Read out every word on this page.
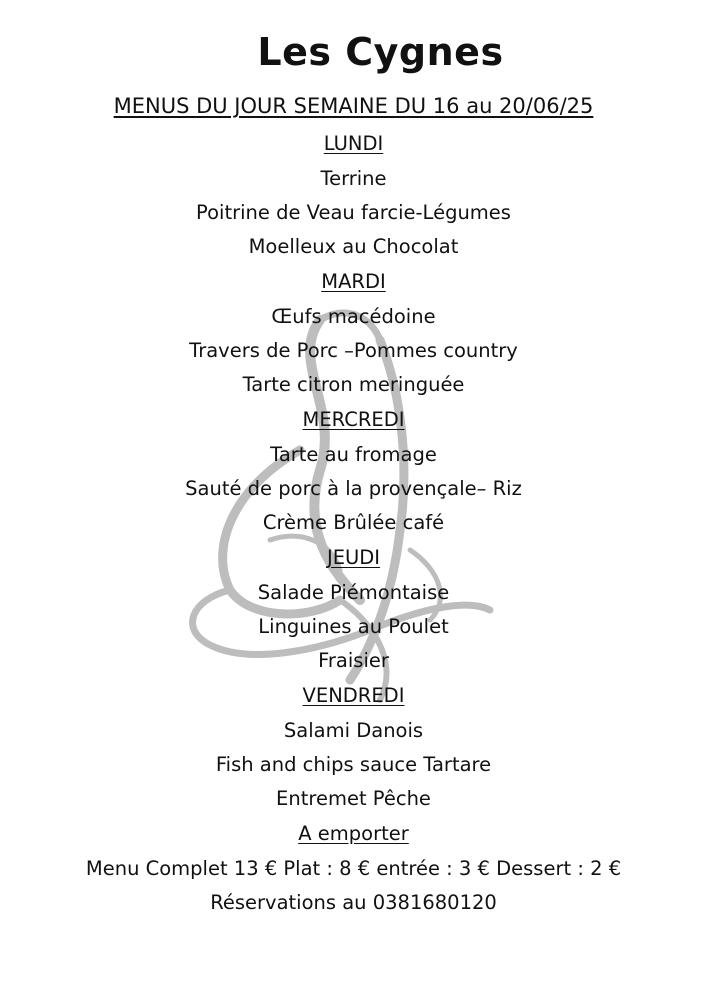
Les Cygnes
MENUS DU JOUR SEMAINE DU 16 au 20/06/25
LUNDI
Terrine
Poitrine de Veau farcie-Légumes
Moelleux au Chocolat
MARDI
Œufs macédoine
Travers de Porc –Pommes country
Tarte citron meringuée
MERCREDI
Tarte au fromage
Sauté de porc à la provençale– Riz
Crème Brûlée café
JEUDI
Salade Piémontaise
Linguines au Poulet
Fraisier
VENDREDI
Salami Danois
Fish and chips sauce Tartare
Entremet Pêche
A emporter
Menu Complet 13 € Plat : 8 € entrée : 3 € Dessert : 2 €
Réservations au 0381680120
